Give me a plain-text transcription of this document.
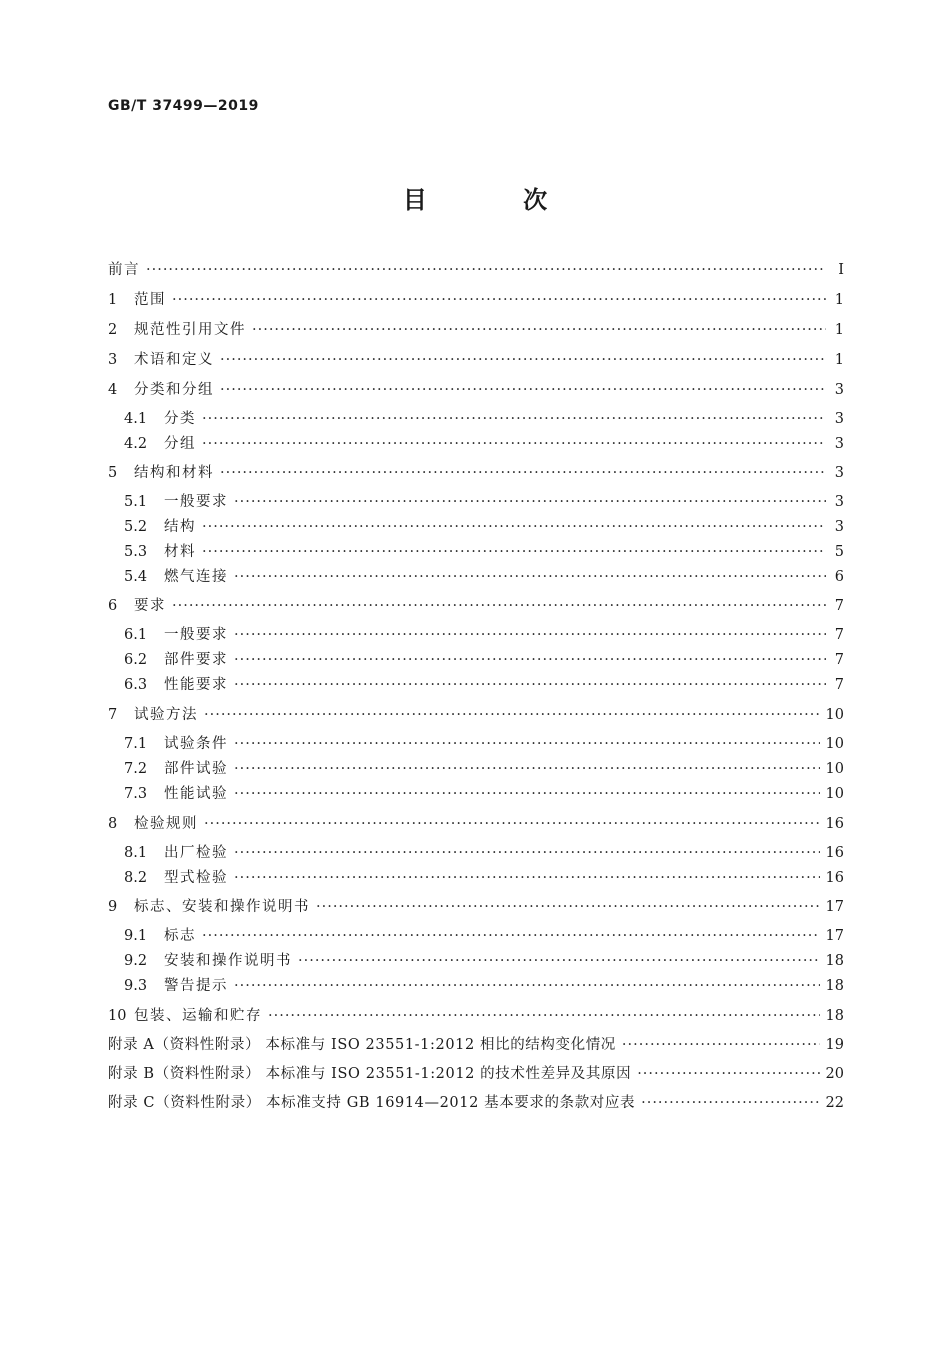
GB/T 37499—2019
目 次
前言 ·····	Ⅰ
1	范围 ·····	1
2	规范性引用文件 ·····	1
3	术语和定义 ·····	1
4	分类和分组 ·····	3
4.1	分类 ·····	3
4.2	分组 ·····	3
5	结构和材料 ·····	3
5.1	一般要求 ·····	3
5.2	结构 ·····	3
5.3	材料 ·····	5
5.4	燃气连接 ·····	6
6	要求 ·····	7
6.1	一般要求 ·····	7
6.2	部件要求 ·····	7
6.3	性能要求 ·····	7
7	试验方法 ·····	10
7.1	试验条件 ·····	10
7.2	部件试验 ·····	10
7.3	性能试验 ·····	10
8	检验规则 ·····	16
8.1	出厂检验 ·····	16
8.2	型式检验 ·····	16
9	标志、安装和操作说明书 ·····	17
9.1	标志 ·····	17
9.2	安装和操作说明书 ·····	18
9.3	警告提示 ·····	18
10 包装、运输和贮存 ·····	18
附录 A（资料性附录） 本标准与 ISO 23551-1:2012 相比的结构变化情况 ·····	19
附录 B（资料性附录） 本标准与 ISO 23551-1:2012 的技术性差异及其原因 ·····	20
附录 C（资料性附录） 本标准支持 GB 16914—2012 基本要求的条款对应表 ·····	22
